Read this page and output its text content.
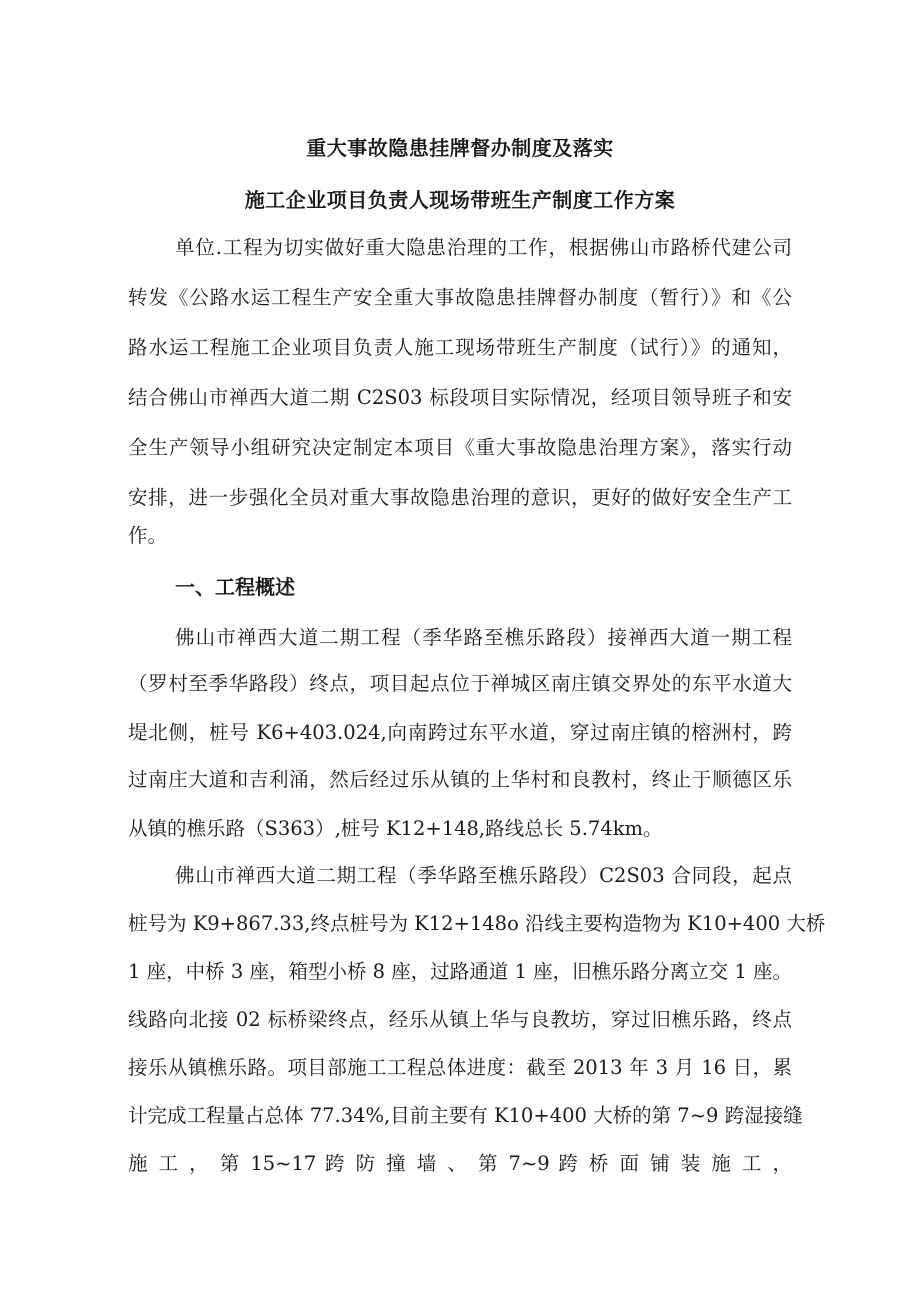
重大事故隐患挂牌督办制度及落实
施工企业项目负责人现场带班生产制度工作方案
单位.工程为切实做好重大隐患治理的工作，根据佛山市路桥代建公司
转发《公路水运工程生产安全重大事故隐患挂牌督办制度（暂行）》和《公
路水运工程施工企业项目负责人施工现场带班生产制度（试行）》的通知，
结合佛山市禅西大道二期 C2S03 标段项目实际情况，经项目领导班子和安
全生产领导小组研究决定制定本项目《重大事故隐患治理方案》，落实行动
安排，进一步强化全员对重大事故隐患治理的意识，更好的做好安全生产工
作。
一、工程概述
佛山市禅西大道二期工程（季华路至樵乐路段）接禅西大道一期工程
（罗村至季华路段）终点，项目起点位于禅城区南庄镇交界处的东平水道大
堤北侧，桩号 K6+403.024,向南跨过东平水道，穿过南庄镇的榕洲村，跨
过南庄大道和吉利涌，然后经过乐从镇的上华村和良教村，终止于顺德区乐
从镇的樵乐路（S363）,桩号 K12+148,路线总长 5.74km。
佛山市禅西大道二期工程（季华路至樵乐路段）C2S03 合同段，起点
桩号为 K9+867.33,终点桩号为 K12+148o 沿线主要构造物为 K10+400 大桥
1 座，中桥 3 座，箱型小桥 8 座，过路通道 1 座，旧樵乐路分离立交 1 座。
线路向北接 02 标桥梁终点，经乐从镇上华与良教坊，穿过旧樵乐路，终点
接乐从镇樵乐路。项目部施工工程总体进度：截至 2013 年 3 月 16 日，累
计完成工程量占总体 77.34%,目前主要有 K10+400 大桥的第 7~9 跨湿接缝
施 工 ， 第 15~17 跨 防 撞 墙 、 第 7~9 跨 桥 面 铺 装 施 工 ，
